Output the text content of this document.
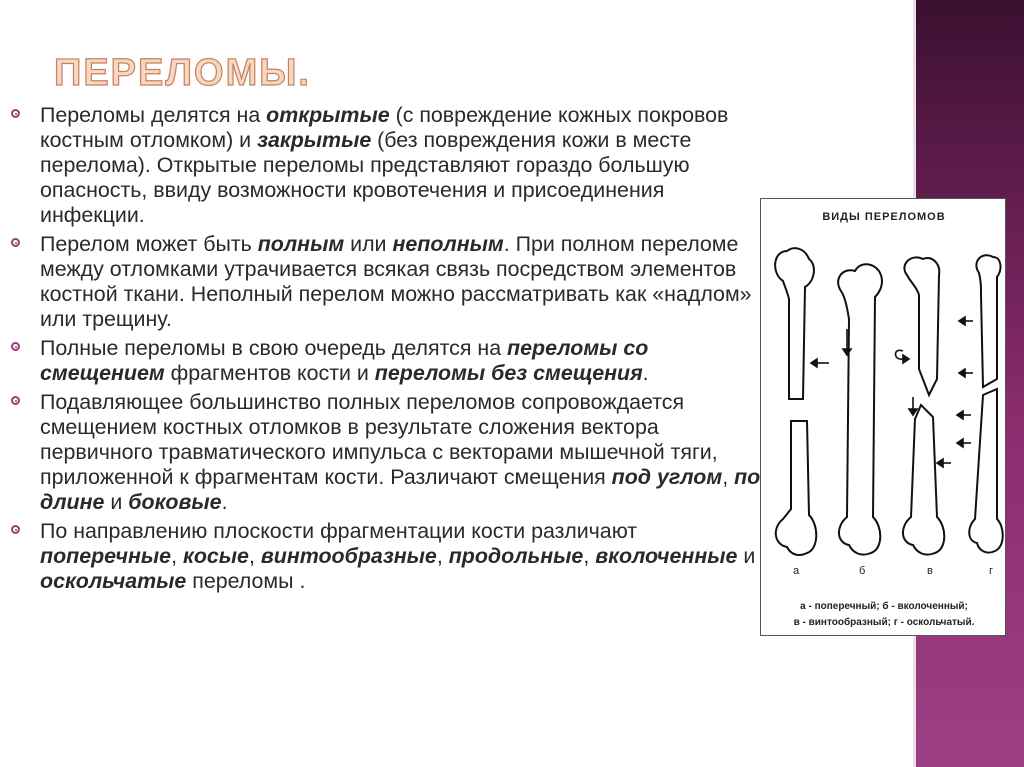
ПЕРЕЛОМЫ.
Переломы делятся на открытые (с повреждение кожных покровов костным отломком) и закрытые (без повреждения кожи в месте перелома). Открытые переломы представляют гораздо большую опасность, ввиду возможности кровотечения и присоединения инфекции.
Перелом может быть полным или неполным. При полном переломе между отломками утрачивается всякая связь посредством элементов костной ткани. Неполный перелом можно рассматривать как «надлом» или трещину.
Полные переломы в свою очередь делятся на переломы со смещением фрагментов кости и переломы без смещения.
Подавляющее большинство полных переломов сопровождается смещением костных отломков в результате сложения вектора первичного травматического импульса с векторами мышечной тяги, приложенной к фрагментам кости. Различают смещения под углом, по длине и боковые.
По направлению плоскости фрагментации кости различают поперечные, косые, винтообразные, продольные, вколоченные и оскольчатые переломы .
ВИДЫ ПЕРЕЛОМОВ
а	б	в	г
а - поперечный; б - вколоченный;
в - винтообразный; г - оскольчатый.
